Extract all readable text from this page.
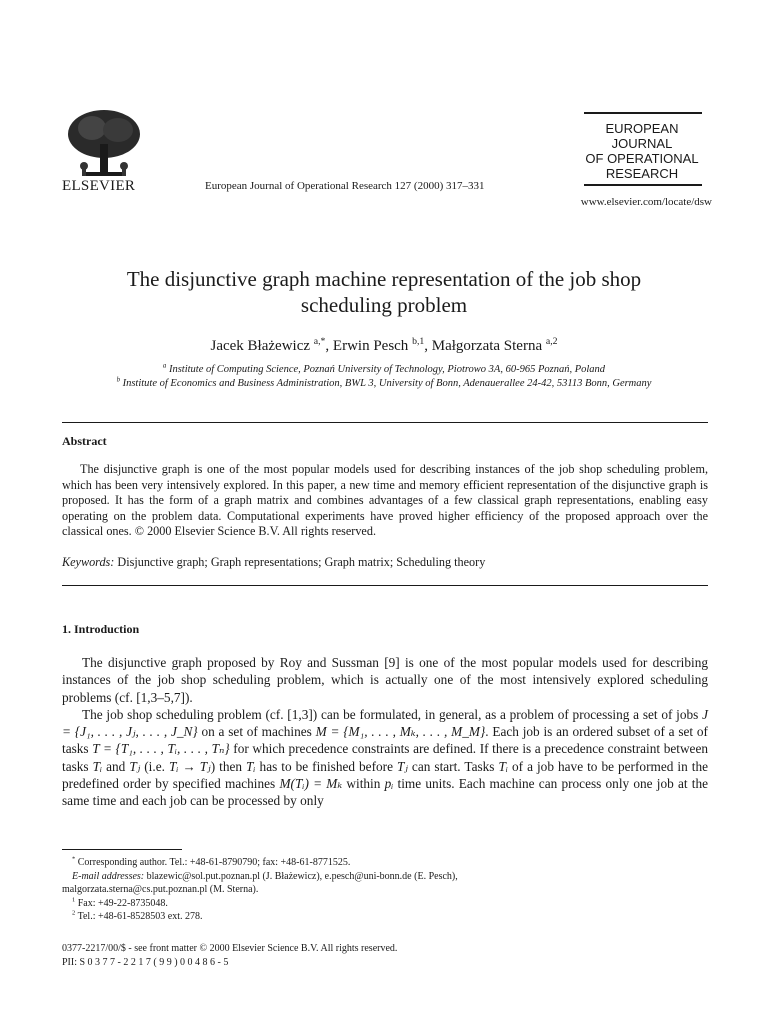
ELSEVIER	European Journal of Operational Research 127 (2000) 317–331
EUROPEAN
JOURNAL
OF OPERATIONAL
RESEARCH
www.elsevier.com/locate/dsw
The disjunctive graph machine representation of the job shop
scheduling problem
Jacek Błażewicz $^{a,*}$, Erwin Pesch $^{b,1}$, Małgorzata Sterna $^{a,2}$
$^a$ Institute of Computing Science, Poznań University of Technology, Piotrowo 3A, 60-965 Poznań, Poland
$^b$ Institute of Economics and Business Administration, BWL 3, University of Bonn, Adenauerallee 24-42, 53113 Bonn, Germany
Abstract
The disjunctive graph is one of the most popular models used for describing instances of the job shop scheduling problem, which has been very intensively explored. In this paper, a new time and memory efficient representation of the disjunctive graph is proposed. It has the form of a graph matrix and combines advantages of a few classical graph representations, enabling easy operating on the problem data. Computational experiments have proved higher efficiency of the proposed approach over the classical ones. © 2000 Elsevier Science B.V. All rights reserved.
Keywords: Disjunctive graph; Graph representations; Graph matrix; Scheduling theory
1. Introduction

The disjunctive graph proposed by Roy and Sussman [9] is one of the most popular models used for describing instances of the job shop scheduling problem, which is actually one of the most intensively explored scheduling problems (cf. [1,3–5,7]).

The job shop scheduling problem (cf. [1,3]) can be formulated, in general, as a problem of processing a set of jobs J = {J₁, . . . , Jⱼ, . . . , J_N} on a set of machines M = {M₁, . . . , Mₖ, . . . , M_M}. Each job is an ordered subset of a set of tasks T = {T₁, . . . , Tᵢ, . . . , Tₙ} for which precedence constraints are defined. If there is a precedence constraint between tasks Tᵢ and Tⱼ (i.e. Tᵢ → Tⱼ) then Tᵢ has to be finished before Tⱼ can start. Tasks Tᵢ of a job have to be performed in the predefined order by specified machines M(Tᵢ) = Mₖ within pᵢ time units. Each machine can process only one job at the same time and each job can be processed by only

* Corresponding author. Tel.: +48-61-8790790; fax: +48-61-8771525.
E-mail addresses: blazewic@sol.put.poznan.pl (J. Błażewicz), e.pesch@uni-bonn.de (E. Pesch),
malgorzata.sterna@cs.put.poznan.pl (M. Sterna).
$^1$ Fax: +49-22-8735048.
$^2$ Tel.: +48-61-8528503 ext. 278.
0377-2217/00/$ - see front matter © 2000 Elsevier Science B.V. All rights reserved.
PII: S 0 3 7 7 - 2 2 1 7 ( 9 9 ) 0 0 4 8 6 - 5
